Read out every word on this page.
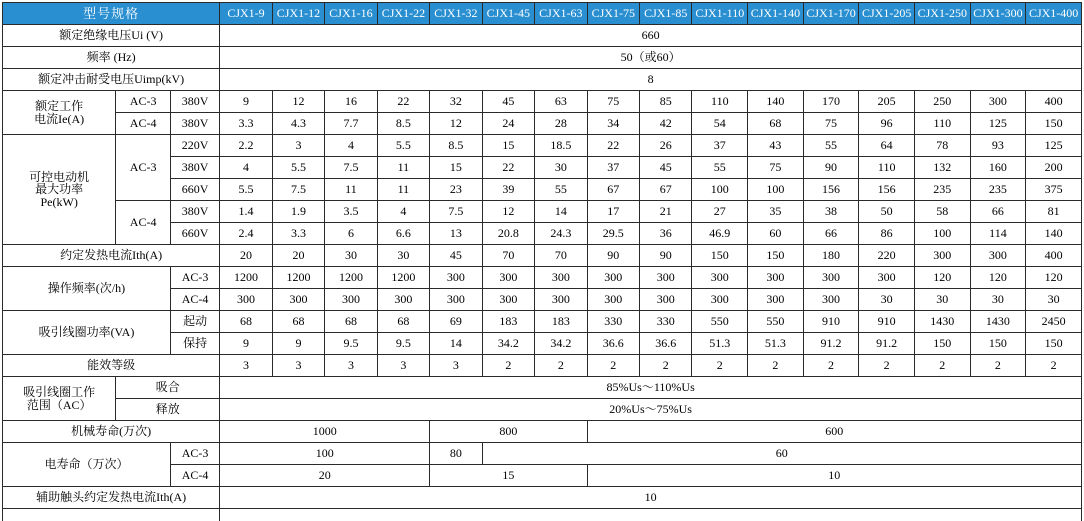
型号规格			CJX1-9	CJX1-12	CJX1-16	CJX1-22	CJX1-32	CJX1-45	CJX1-63	CJX1-75	CJX1-85	CJX1-110	CJX1-140	CJX1-170	CJX1-205	CJX1-250	CJX1-300	CJX1-400
额定绝缘电压Ui (V)			660															
频率 (Hz)			50（或60）															
额定冲击耐受电压Uimp(kV)			8															

额定工作
电流Ie(A)	AC-3	380V	9	12	16	22	32	45	63	75	85	110	140	170	205	250	300	400
	AC-4	380V	3.3	4.3	7.7	8.5	12	24	28	34	42	54	68	75	96	110	125	150

可控电动机
最大功率
Pe(kW)	AC-3	220V	2.2	3	4	5.5	8.5	15	18.5	22	26	37	43	55	64	78	93	125
		380V	4	5.5	7.5	11	15	22	30	37	45	55	75	90	110	132	160	200
		660V	5.5	7.5	11	11	23	39	55	67	67	100	100	156	156	235	235	375
	AC-4	380V	1.4	1.9	3.5	4	7.5	12	14	17	21	27	35	38	50	58	66	81
		660V	2.4	3.3	6	6.6	13	20.8	24.3	29.5	36	46.9	60	66	86	100	114	140
约定发热电流Ith(A)			20	20	30	30	45	70	70	90	90	150	150	180	220	300	300	400
操作频率(次/h)		AC-3	1200	1200	1200	1200	300	300	300	300	300	300	300	300	300	120	120	120
		AC-4	300	300	300	300	300	300	300	300	300	300	300	300	30	30	30	30
吸引线圈功率(VA)		起动	68	68	68	68	69	183	183	330	330	550	550	910	910	1430	1430	2450
		保持	9	9	9.5	9.5	14	34.2	34.2	36.6	36.6	51.3	51.3	91.2	91.2	150	150	150
能效等级			3	3	3	3	3	2	2	2	2	2	2	2	2	2	2	2

吸引线圈工作
范围（AC）	吸合		85%Us～110%Us															
	释放		20%Us～75%Us															
机械寿命(万次)			1000				800			600								
电寿命（万次）		AC-3	100				80	60										
		AC-4	20				15			10								
辅助触头约定发热电流Ith(A)			10															
